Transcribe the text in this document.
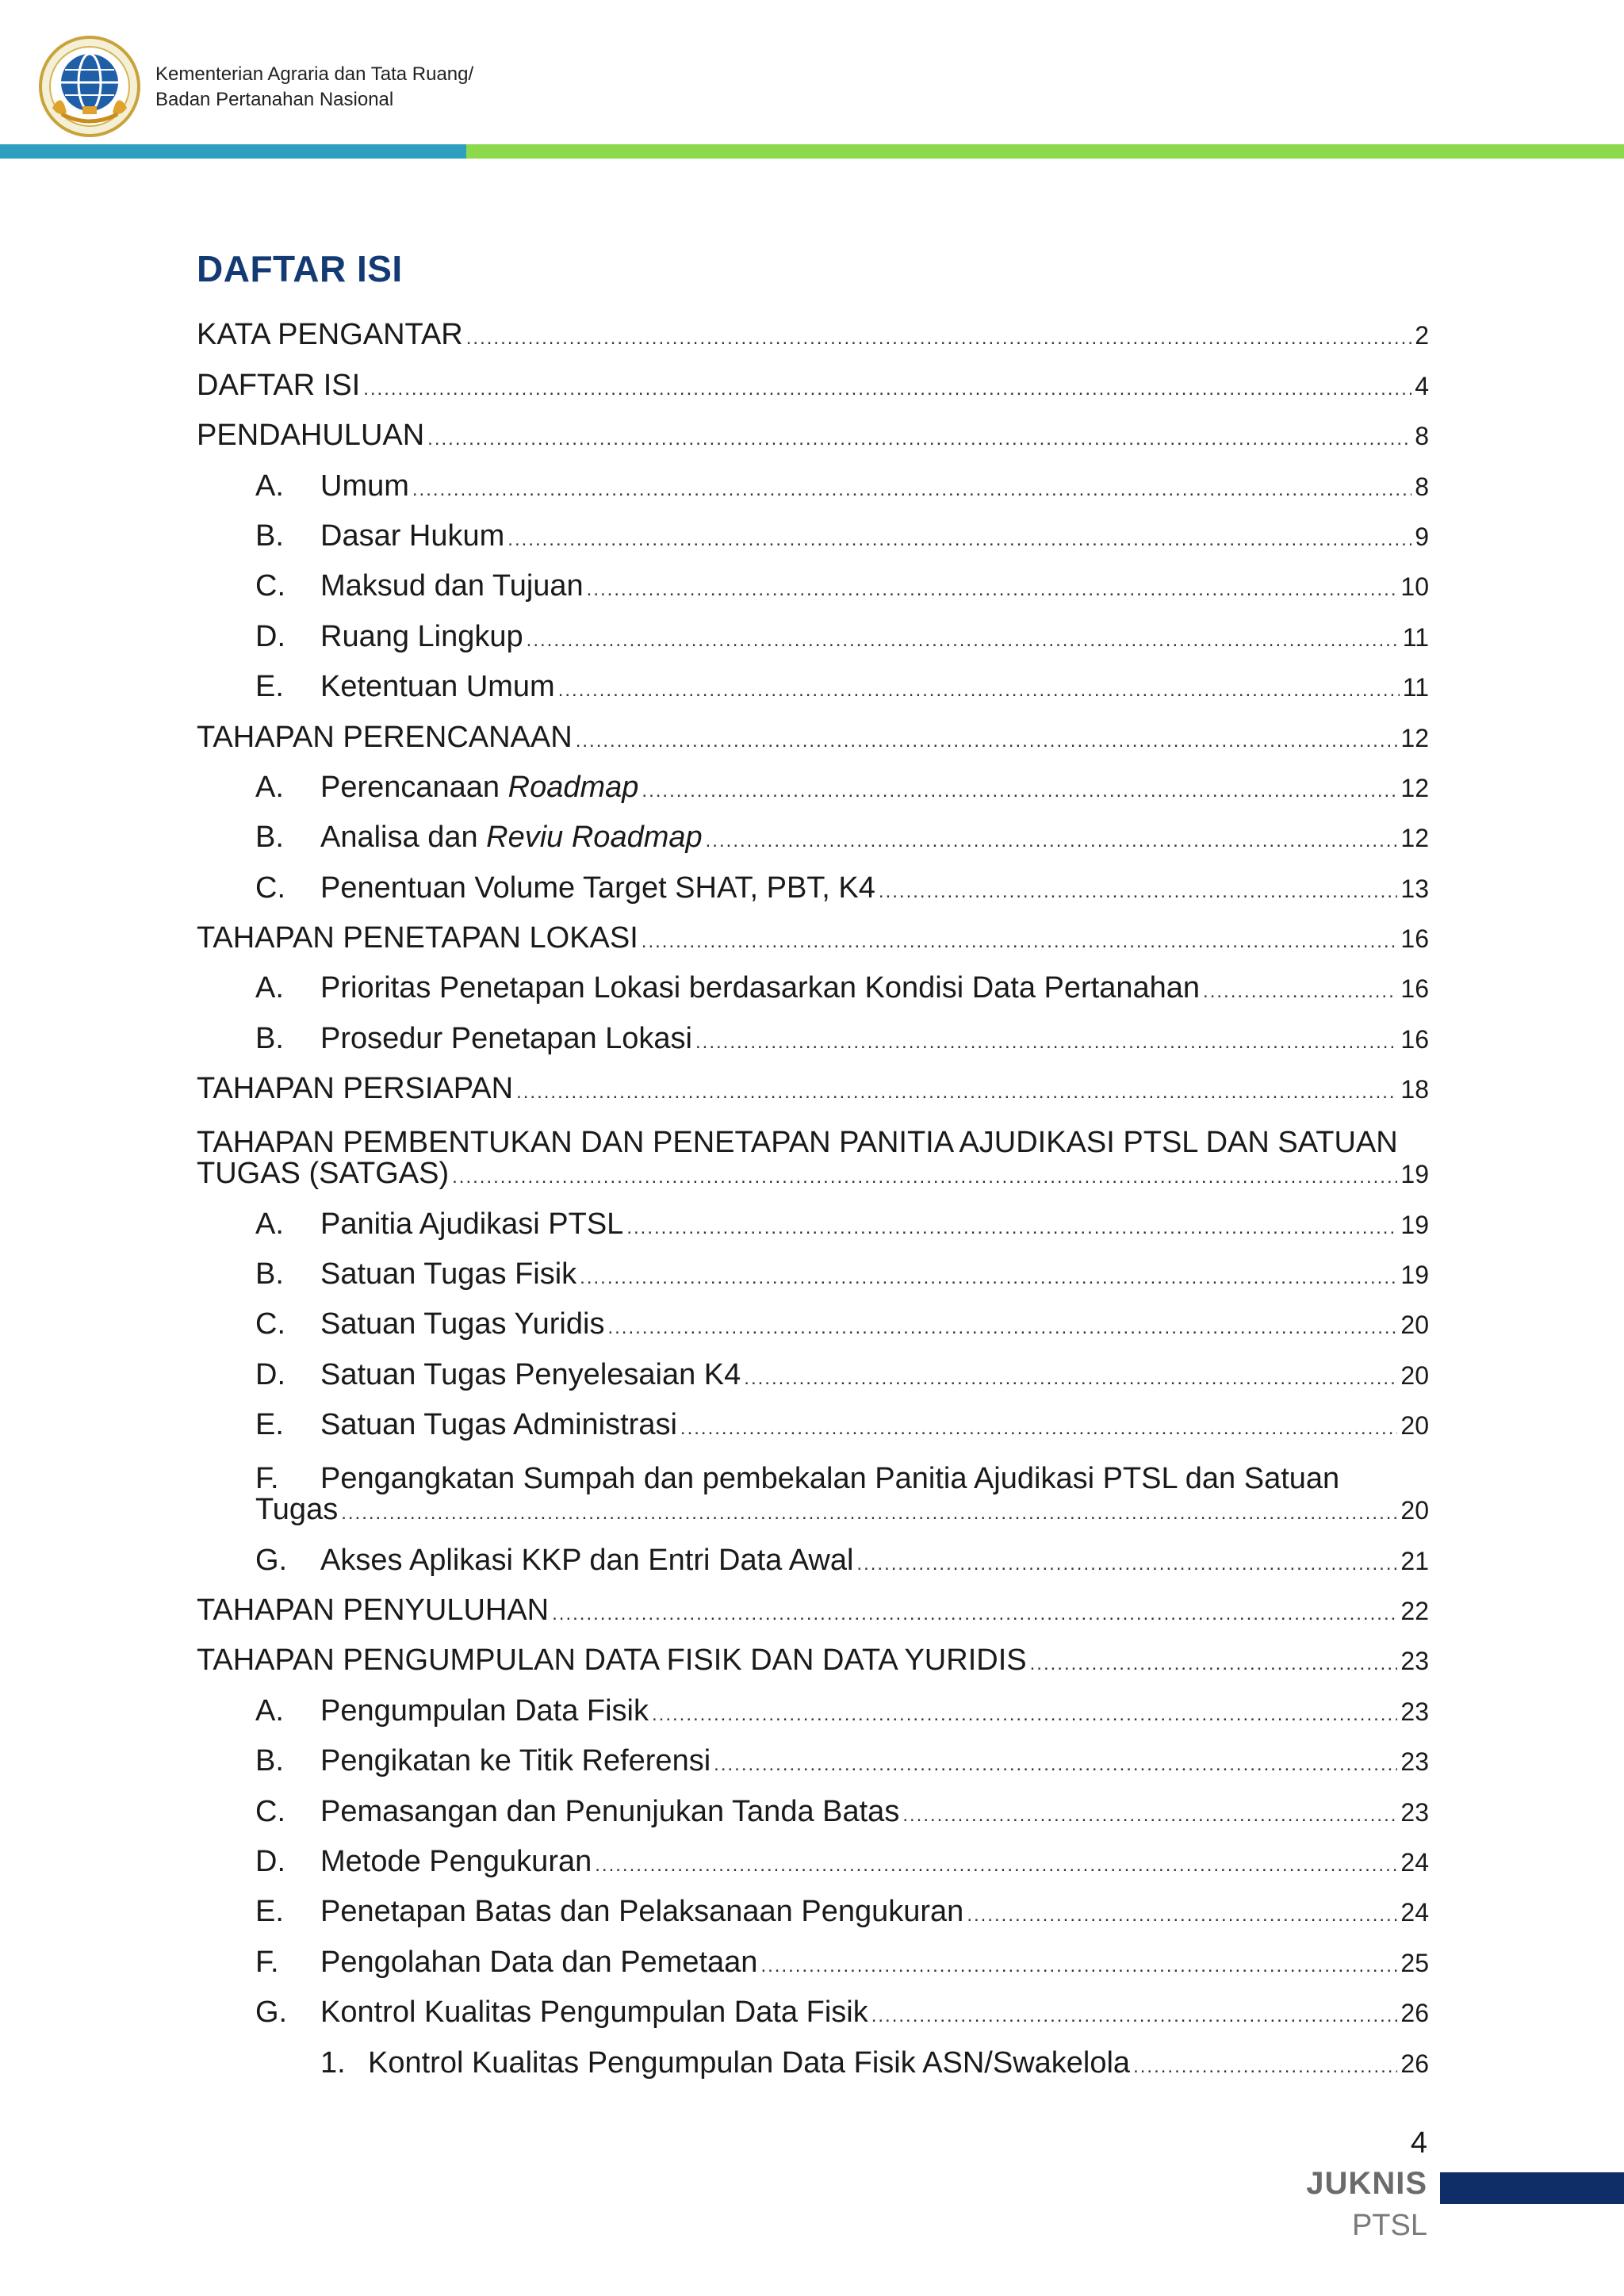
Kementerian Agraria dan Tata Ruang/
Badan Pertanahan Nasional
DAFTAR ISI
KATA PENGANTAR .....	2
DAFTAR ISI .....	4
PENDAHULUAN .....	8
A.	Umum .....	8
B.	Dasar Hukum .....	9
C.	Maksud dan Tujuan .....	10
D.	Ruang Lingkup .....	11
E.	Ketentuan Umum .....	11
TAHAPAN PERENCANAAN .....	12
A.	Perencanaan Roadmap .....	12
B.	Analisa dan Reviu Roadmap .....	12
C.	Penentuan Volume Target SHAT, PBT, K4 .....	13
TAHAPAN PENETAPAN LOKASI .....	16
A.	Prioritas Penetapan Lokasi berdasarkan Kondisi Data Pertanahan .....	16
B.	Prosedur Penetapan Lokasi .....	16
TAHAPAN PERSIAPAN .....	18
TAHAPAN PEMBENTUKAN DAN PENETAPAN PANITIA AJUDIKASI PTSL DAN SATUAN
TUGAS (SATGAS) .....	19
A.	Panitia Ajudikasi PTSL .....	19
B.	Satuan Tugas Fisik .....	19
C.	Satuan Tugas Yuridis .....	20
D.	Satuan Tugas Penyelesaian K4 .....	20
E.	Satuan Tugas Administrasi .....	20
F. Pengangkatan Sumpah dan pembekalan Panitia Ajudikasi PTSL dan Satuan
Tugas .....	20
G.	Akses Aplikasi KKP dan Entri Data Awal .....	21
TAHAPAN PENYULUHAN .....	22
TAHAPAN PENGUMPULAN DATA FISIK DAN DATA YURIDIS .....	23
A.	Pengumpulan Data Fisik .....	23
B.	Pengikatan ke Titik Referensi .....	23
C.	Pemasangan dan Penunjukan Tanda Batas .....	23
D.	Metode Pengukuran .....	24
E.	Penetapan Batas dan Pelaksanaan Pengukuran .....	24
F.	Pengolahan Data dan Pemetaan .....	25
G.	Kontrol Kualitas Pengumpulan Data Fisik .....	26
1. Kontrol Kualitas Pengumpulan Data Fisik ASN/Swakelola .....	26
4
JUKNIS
PTSL
